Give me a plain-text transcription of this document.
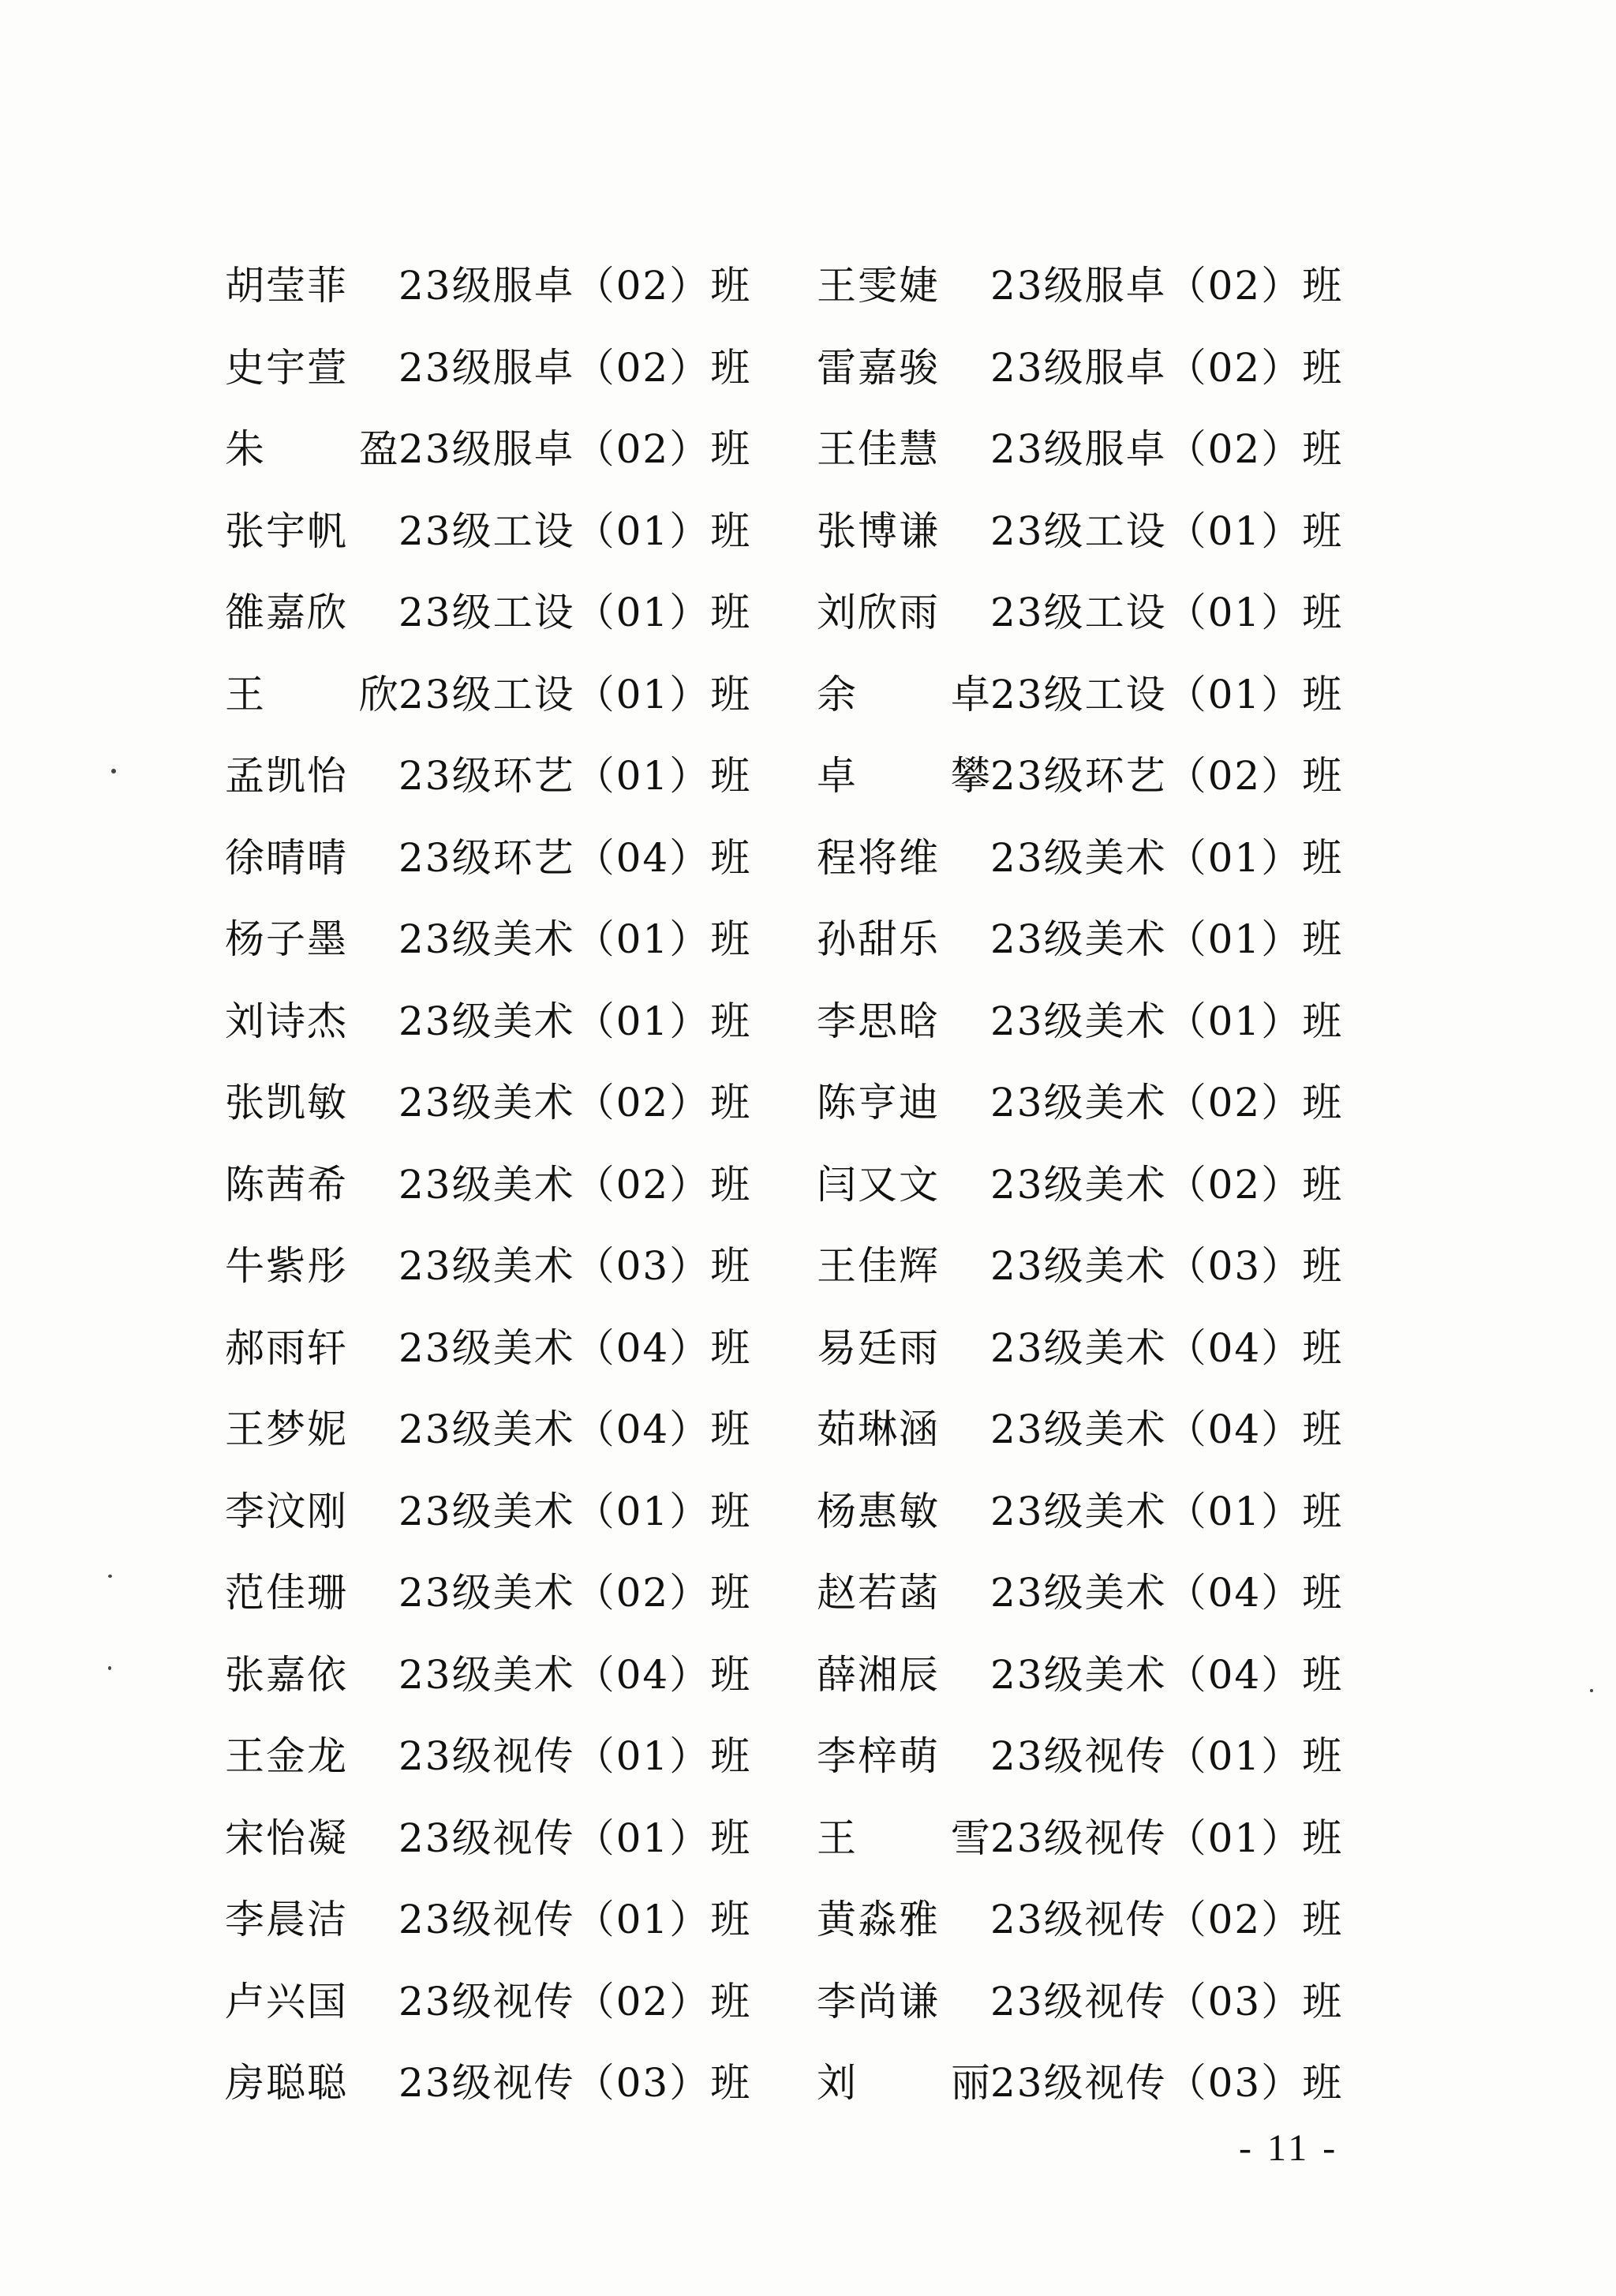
胡莹菲 23级服卓（02）班 王雯婕 23级服卓（02）班
史宇萱 23级服卓（02）班 雷嘉骏 23级服卓（02）班
朱 盈
23级服卓（02）班 王佳慧 23级服卓（02）班
张宇帆 23级工设（01）班 张博谦 23级工设（01）班
雒嘉欣 23级工设（01）班 刘欣雨 23级工设（01）班
王 欣
23级工设（01）班 余 卓
23级工设（01）班
孟凯怡 23级环艺（01）班 卓 攀
23级环艺（02）班
徐晴晴 23级环艺（04）班 程将维 23级美术（01）班
杨子墨 23级美术（01）班 孙甜乐 23级美术（01）班
刘诗杰 23级美术（01）班 李思晗 23级美术（01）班
张凯敏 23级美术（02）班 陈亨迪 23级美术（02）班
陈茜希 23级美术（02）班 闫又文 23级美术（02）班
牛紫彤 23级美术（03）班 王佳辉 23级美术（03）班
郝雨轩 23级美术（04）班 易廷雨 23级美术（04）班
王梦妮 23级美术（04）班 茹琳涵 23级美术（04）班
李汶刚 23级美术（01）班 杨惠敏 23级美术（01）班
范佳珊 23级美术（02）班 赵若菡 23级美术（04）班
张嘉依 23级美术（04）班 薛湘辰 23级美术（04）班
王金龙 23级视传（01）班 李梓萌 23级视传（01）班
宋怡凝 23级视传（01）班 王 雪
23级视传（01）班
李晨洁 23级视传（01）班 黄淼雅 23级视传（02）班
卢兴国 23级视传（02）班 李尚谦 23级视传（03）班
房聪聪 23级视传（03）班 刘 丽
23级视传（03）班
- 11 -
